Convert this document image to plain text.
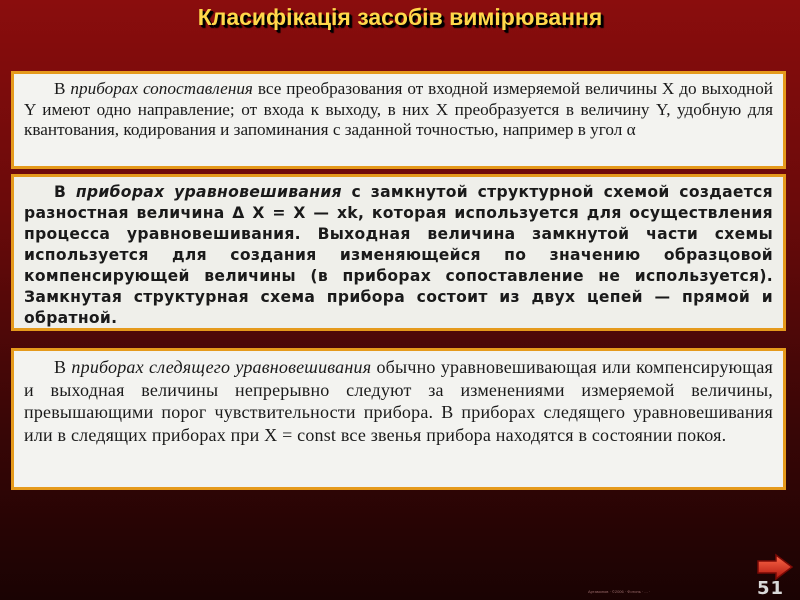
Класифікація засобів вимірювання

В приборах сопоставления все преобразования от входной измеряемой величины X до выходной Y имеют одно направление; от входа к выходу, в них X преобразуется в величину Y, удобную для квантования, кодирования и запоминания с заданной точностью, например в угол α

В приборах уравновешивания с замкнутой структурной схемой создается разностная величина Δ X = X — xk, которая используется для осуществления процесса уравновешивания. Выходная величина замкнутой части схемы используется для создания изменяющейся по значению образцовой компенсирующей величины (в приборах сопоставление не используется). Замкнутая структурная схема прибора состоит из двух цепей — прямой и обратной.

В приборах следящего уравновешивания обычно уравновешивающая или компенсирующая и выходная величины непрерывно следуют за изменениями измеряемой величины, превышающими порог чувствительности прибора. В приборах следящего уравновешивания или в следящих приборах при X = const все звенья прибора находятся в состоянии покоя.

Артамонов · ©2006 · Фотонь · ... ·	51
